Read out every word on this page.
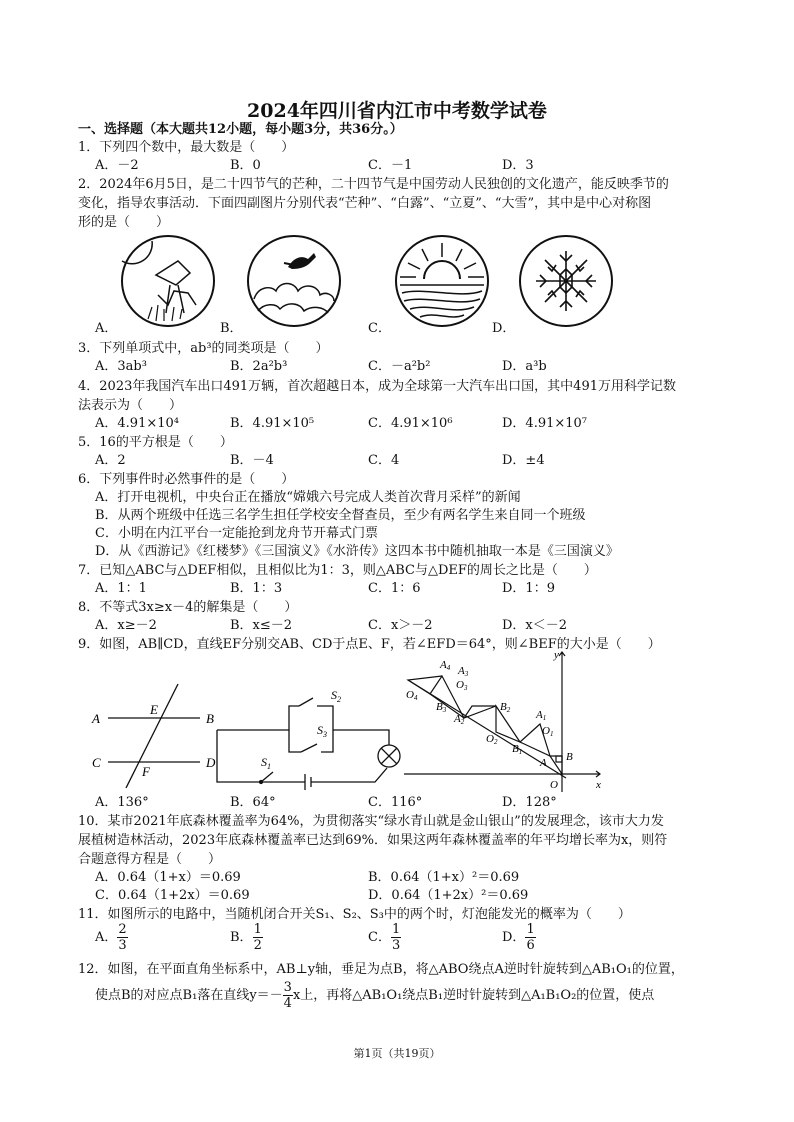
2024年四川省内江市中考数学试卷
一、选择题（本大题共12小题，每小题3分，共36分。）
1．下列四个数中，最大数是（　　）
A．－2	B．0	C．－1	D．3
2．2024年6月5日，是二十四节气的芒种，二十四节气是中国劳动人民独创的文化遗产，能反映季节的
变化，指导农事活动．下面四副图片分别代表“芒种”、“白露”、“立夏”、“大雪”，其中是中心对称图
形的是（　　）
A．	B．	C．	D．
3．下列单项式中，ab³的同类项是（　　）
A．3ab³	B．2a²b³	C．－a²b²	D．a³b
4．2023年我国汽车出口491万辆，首次超越日本，成为全球第一大汽车出口国，其中491万用科学记数
法表示为（　　）
A．4.91×10⁴	B．4.91×10⁵	C．4.91×10⁶	D．4.91×10⁷
5．16的平方根是（　　）
A．2	B．－4	C．4	D．±4
6．下列事件时必然事件的是（　　）
A．打开电视机，中央台正在播放“嫦娥六号完成人类首次背月采样”的新闻
B．从两个班级中任选三名学生担任学校安全督查员，至少有两名学生来自同一个班级
C．小明在内江平台一定能抢到龙舟节开幕式门票
D．从《西游记》《红楼梦》《三国演义》《水浒传》这四本书中随机抽取一本是《三国演义》
7．已知△ABC与△DEF相似，且相似比为1：3，则△ABC与△DEF的周长之比是（　　）
A．1：1	B．1：3	C．1：6	D．1：9
8．不等式3x≥x－4的解集是（　　）
A．x≥－2	B．x≤－2	C．x＞－2	D．x＜－2
9．如图，AB∥CD，直线EF分别交AB、CD于点E、F，若∠EFD＝64°，则∠BEF的大小是（　　）
A	B
C	D
E
F
$S_2$
$S_3$
$S_1$
y
x
O
A B
A1
O1
B1
O2
B2
A2
B3
O3
A3
O4
A4
A．136°	B．64°	C．116°	D．128°
10．某市2021年底森林覆盖率为64%，为贯彻落实“绿水青山就是金山银山”的发展理念，该市大力发
展植树造林活动，2023年底森林覆盖率已达到69%．如果这两年森林覆盖率的年平均增长率为x，则符
合题意得方程是（　　）
A．0.64（1+x）＝0.69	B．0.64（1+x）²＝0.69
C．0.64（1+2x）＝0.69	D．0.64（1+2x）²＝0.69
11．如图所示的电路中，当随机闭合开关S₁、S₂、S₃中的两个时，灯泡能发光的概率为（　　）
A． $\frac{2}{3}$	B． $\frac{1}{2}$	C． $\frac{1}{3}$	D． $\frac{1}{6}$
12．如图，在平面直角坐标系中，AB⊥y轴，垂足为点B，将△ABO绕点A逆时针旋转到△AB₁O₁的位置，
使点B的对应点B₁落在直线$y=- \frac{3}{4}$ x上，再将△AB₁O₁绕点B₁逆时针旋转到△A₁B₁O₂的位置，使点
第1页（共19页）
